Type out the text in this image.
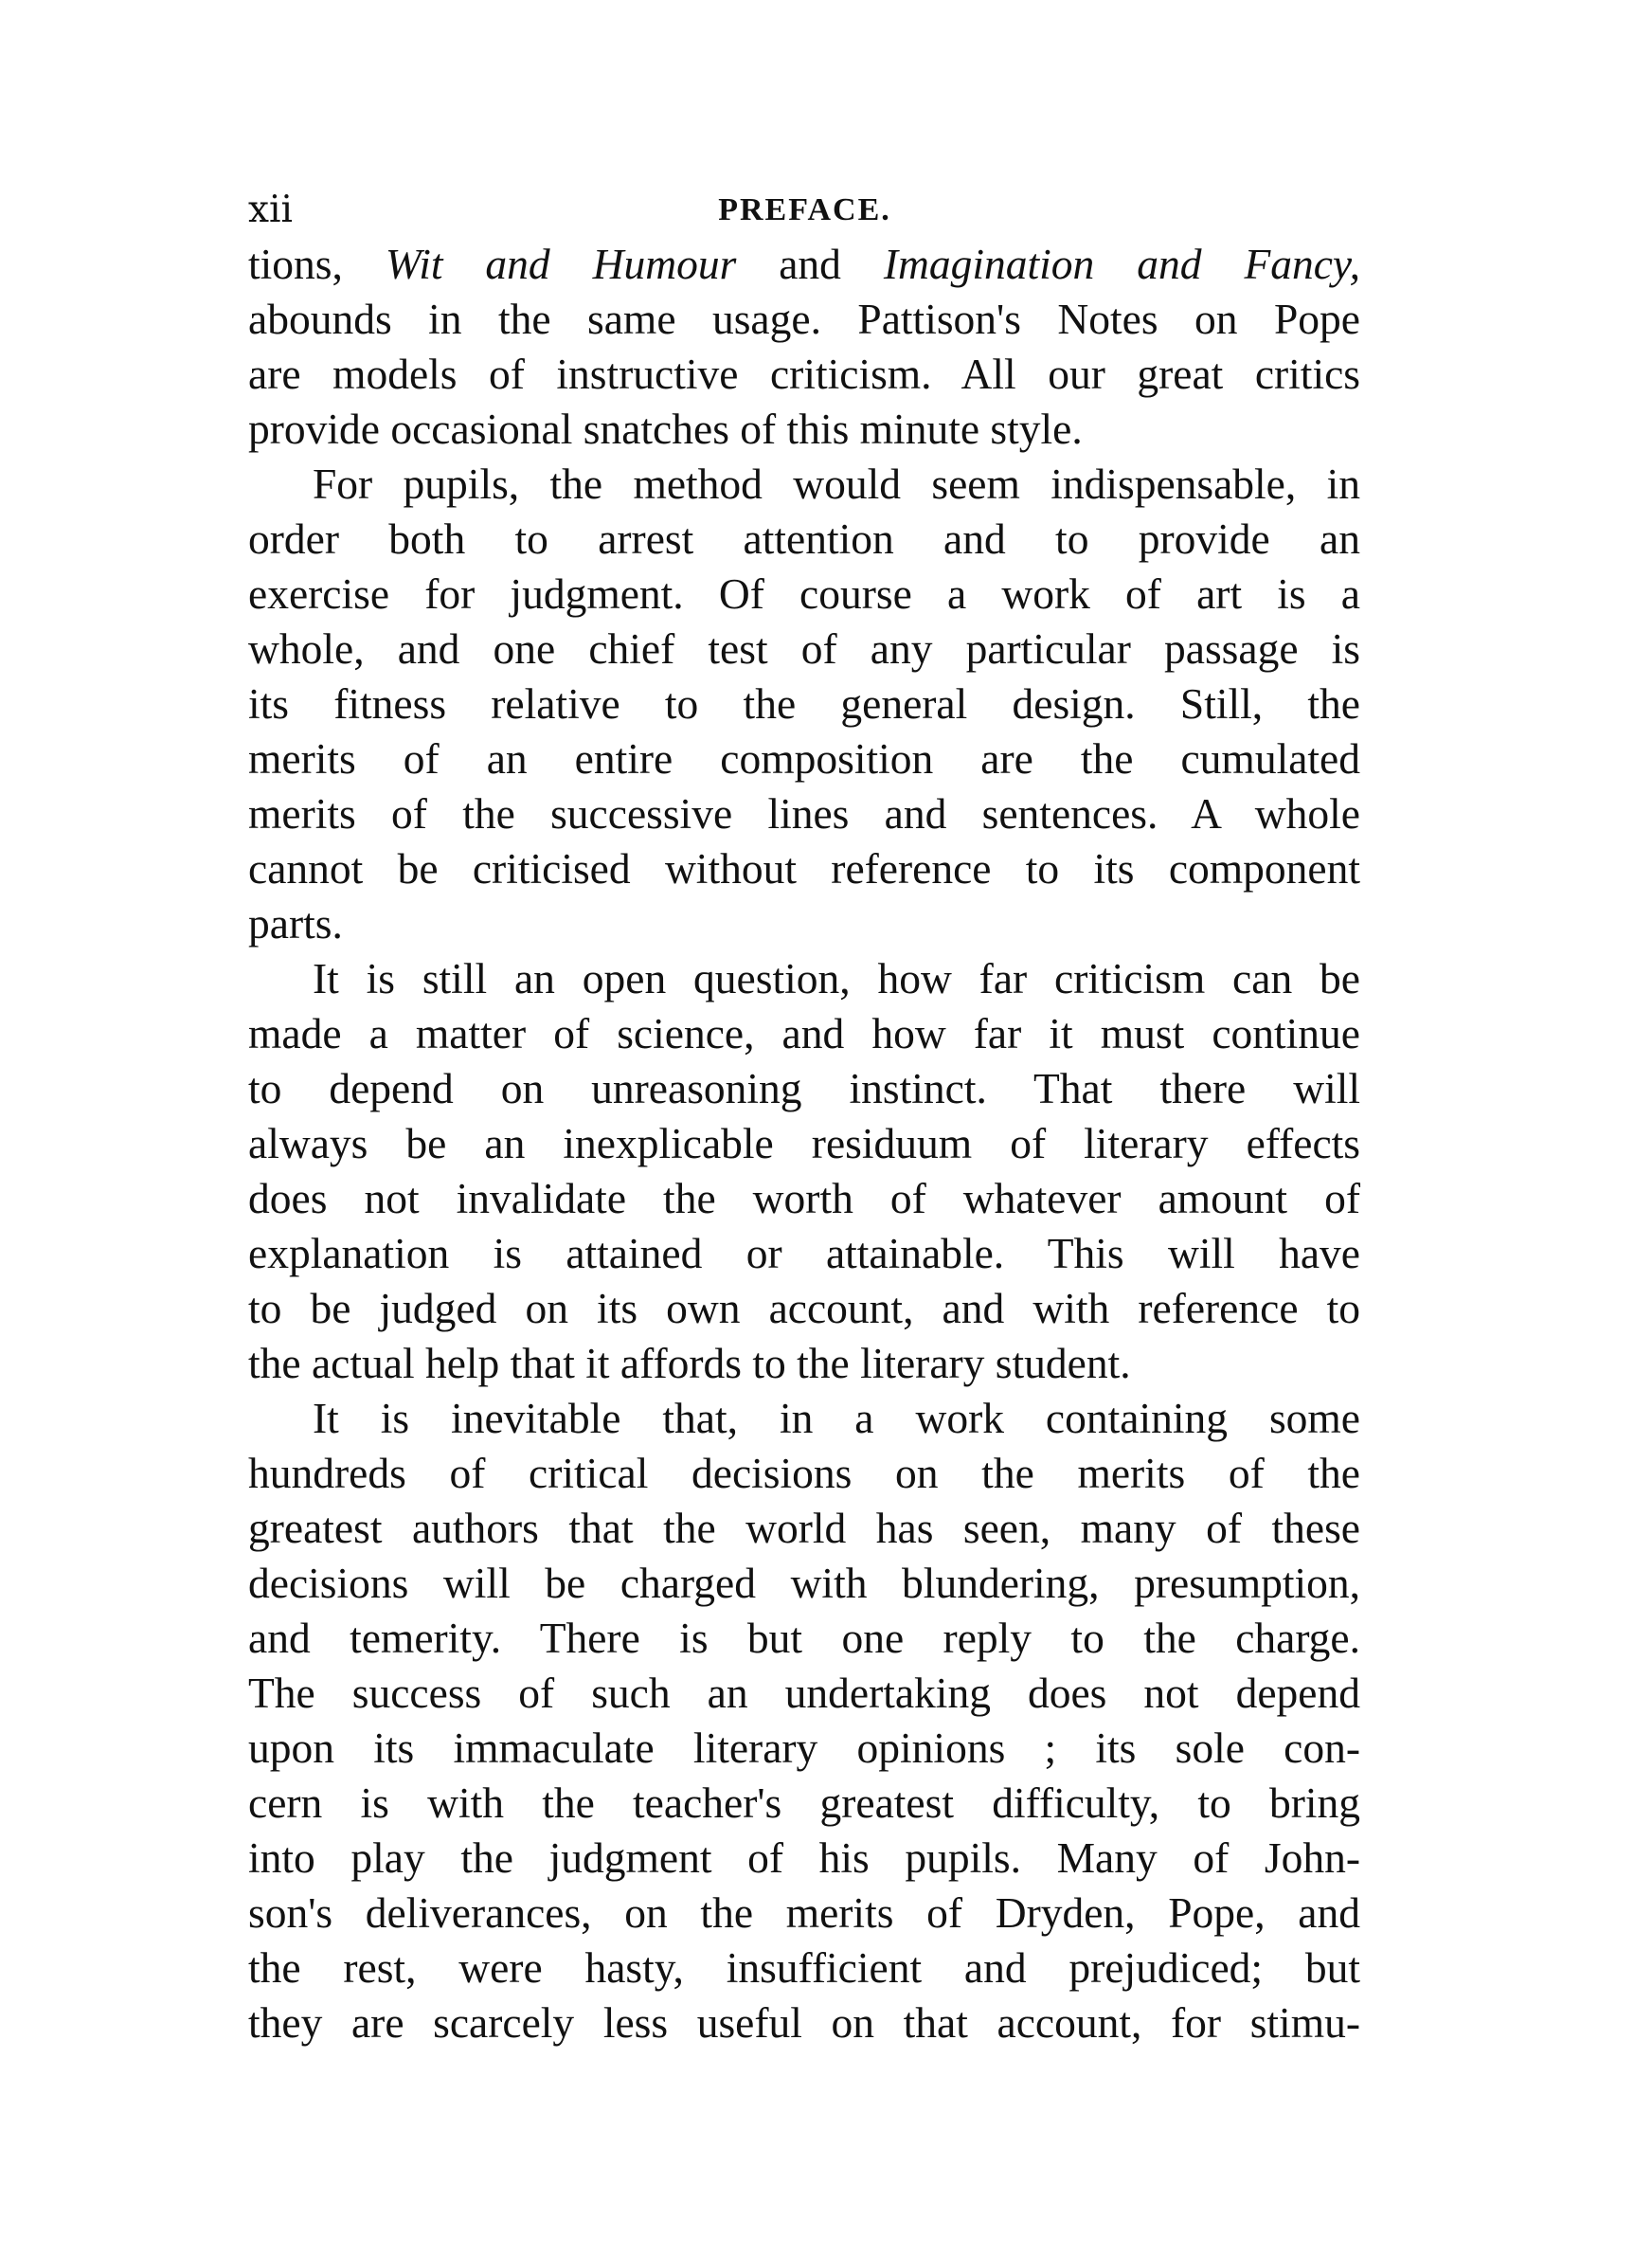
xii	PREFACE.

tions, Wit and Humour and Imagination and Fancy,
abounds in the same usage. Pattison's Notes on Pope
are models of instructive criticism. All our great critics
provide occasional snatches of this minute style.

For pupils, the method would seem indispensable, in
order both to arrest attention and to provide an
exercise for judgment. Of course a work of art is a
whole, and one chief test of any particular passage is
its fitness relative to the general design. Still, the
merits of an entire composition are the cumulated
merits of the successive lines and sentences. A whole
cannot be criticised without reference to its component
parts.

It is still an open question, how far criticism can be
made a matter of science, and how far it must continue
to depend on unreasoning instinct. That there will
always be an inexplicable residuum of literary effects
does not invalidate the worth of whatever amount of
explanation is attained or attainable. This will have
to be judged on its own account, and with reference to
the actual help that it affords to the literary student.

It is inevitable that, in a work containing some
hundreds of critical decisions on the merits of the
greatest authors that the world has seen, many of these
decisions will be charged with blundering, presumption,
and temerity. There is but one reply to the charge.
The success of such an undertaking does not depend
upon its immaculate literary opinions ; its sole con-
cern is with the teacher's greatest difficulty, to bring
into play the judgment of his pupils. Many of John-
son's deliverances, on the merits of Dryden, Pope, and
the rest, were hasty, insufficient and prejudiced; but
they are scarcely less useful on that account, for stimu-
